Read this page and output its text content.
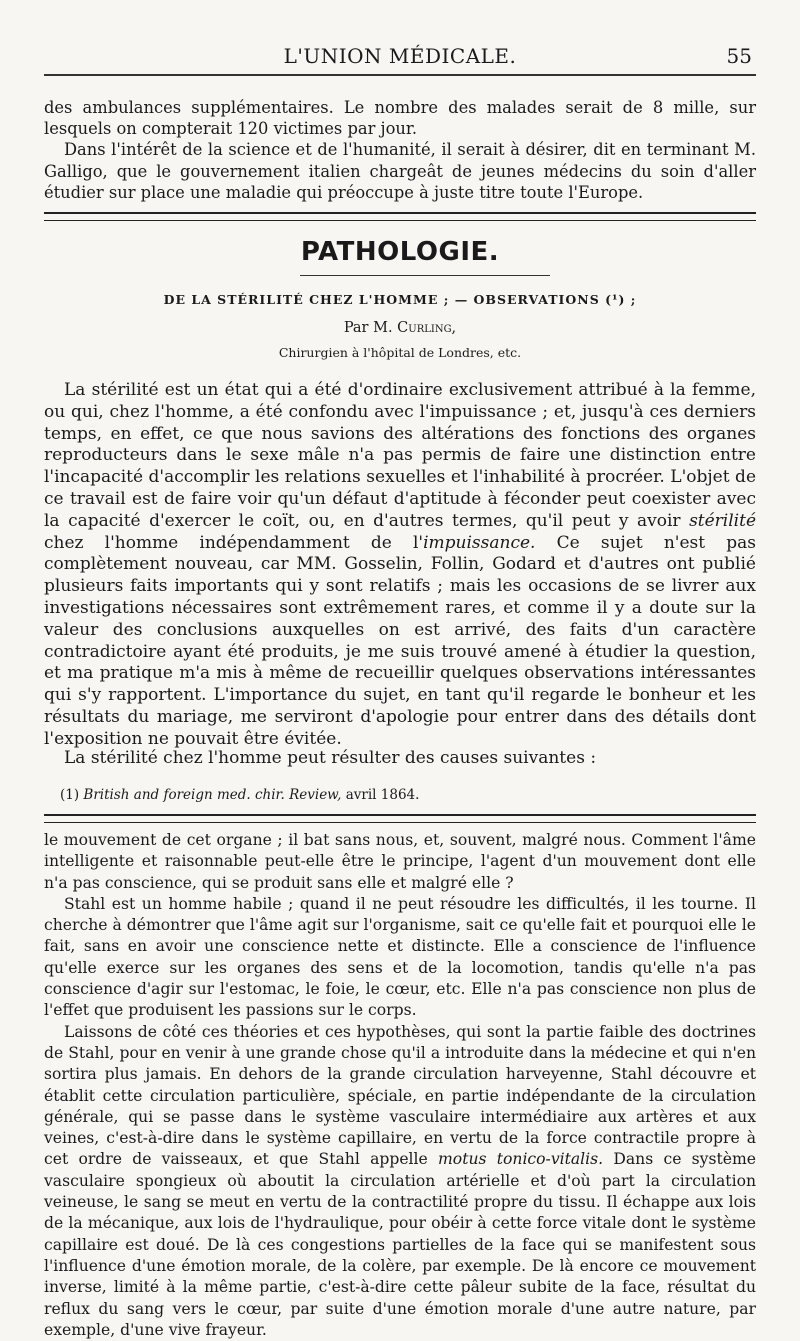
L'UNION MÉDICALE.	55

des ambulances supplémentaires. Le nombre des malades serait de 8 mille, sur lesquels on compterait 120 victimes par jour.

Dans l'intérêt de la science et de l'humanité, il serait à désirer, dit en terminant M. Galligo, que le gouvernement italien chargeât de jeunes médecins du soin d'aller étudier sur place une maladie qui préoccupe à juste titre toute l'Europe.

PATHOLOGIE.
DE LA STÉRILITÉ CHEZ L'HOMME ; — OBSERVATIONS (¹) ;
Par M. Curling,
Chirurgien à l'hôpital de Londres, etc.

La stérilité est un état qui a été d'ordinaire exclusivement attribué à la femme, ou qui, chez l'homme, a été confondu avec l'impuissance ; et, jusqu'à ces derniers temps, en effet, ce que nous savions des altérations des fonctions des organes reproducteurs dans le sexe mâle n'a pas permis de faire une distinction entre l'incapacité d'accomplir les relations sexuelles et l'inhabilité à procréer. L'objet de ce travail est de faire voir qu'un défaut d'aptitude à féconder peut coexister avec la capacité d'exercer le coït, ou, en d'autres termes, qu'il peut y avoir stérilité chez l'homme indépendamment de l'impuissance. Ce sujet n'est pas complètement nouveau, car MM. Gosselin, Follin, Godard et d'autres ont publié plusieurs faits importants qui y sont relatifs ; mais les occasions de se livrer aux investigations nécessaires sont extrêmement rares, et comme il y a doute sur la valeur des conclusions auxquelles on est arrivé, des faits d'un caractère contradictoire ayant été produits, je me suis trouvé amené à étudier la question, et ma pratique m'a mis à même de recueillir quelques observations intéressantes qui s'y rapportent. L'importance du sujet, en tant qu'il regarde le bonheur et les résultats du mariage, me serviront d'apologie pour entrer dans des détails dont l'exposition ne pouvait être évitée.

La stérilité chez l'homme peut résulter des causes suivantes :

(1) British and foreign med. chir. Review, avril 1864.

le mouvement de cet organe ; il bat sans nous, et, souvent, malgré nous. Comment l'âme intelligente et raisonnable peut-elle être le principe, l'agent d'un mouvement dont elle n'a pas conscience, qui se produit sans elle et malgré elle ?

Stahl est un homme habile ; quand il ne peut résoudre les difficultés, il les tourne. Il cherche à démontrer que l'âme agit sur l'organisme, sait ce qu'elle fait et pourquoi elle le fait, sans en avoir une conscience nette et distincte. Elle a conscience de l'influence qu'elle exerce sur les organes des sens et de la locomotion, tandis qu'elle n'a pas conscience d'agir sur l'estomac, le foie, le cœur, etc. Elle n'a pas conscience non plus de l'effet que produisent les passions sur le corps.

Laissons de côté ces théories et ces hypothèses, qui sont la partie faible des doctrines de Stahl, pour en venir à une grande chose qu'il a introduite dans la médecine et qui n'en sortira plus jamais. En dehors de la grande circulation harveyenne, Stahl découvre et établit cette circulation particulière, spéciale, en partie indépendante de la circulation générale, qui se passe dans le système vasculaire intermédiaire aux artères et aux veines, c'est-à-dire dans le système capillaire, en vertu de la force contractile propre à cet ordre de vaisseaux, et que Stahl appelle motus tonico-vitalis. Dans ce système vasculaire spongieux où aboutit la circulation artérielle et d'où part la circulation veineuse, le sang se meut en vertu de la contractilité propre du tissu. Il échappe aux lois de la mécanique, aux lois de l'hydraulique, pour obéir à cette force vitale dont le système capillaire est doué. De là ces congestions partielles de la face qui se manifestent sous l'influence d'une émotion morale, de la colère, par exemple. De là encore ce mouvement inverse, limité à la même partie, c'est-à-dire cette pâleur subite de la face, résultat du reflux du sang vers le cœur, par suite d'une émotion morale d'une autre nature, par exemple, d'une vive frayeur.
